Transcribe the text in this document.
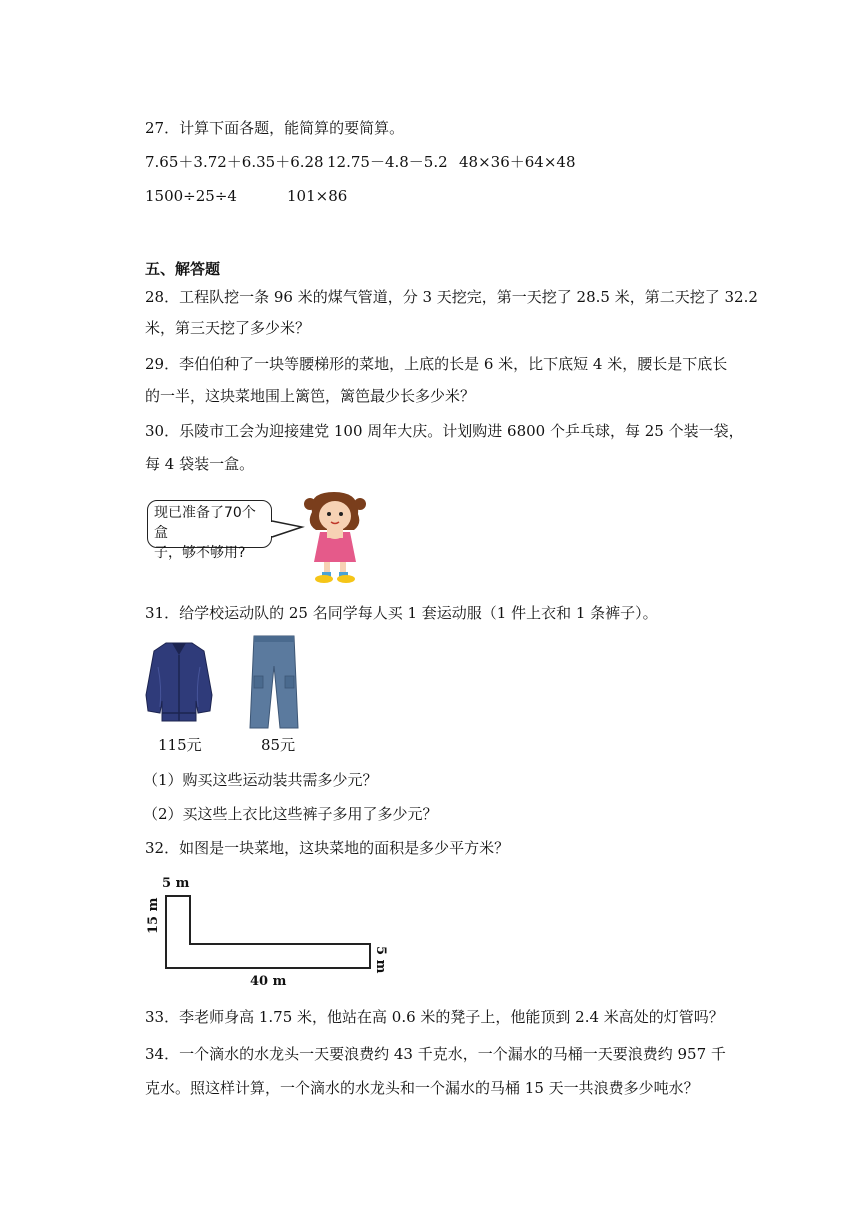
27．计算下面各题，能简算的要简算。
7.65＋3.72＋6.35＋6.28 12.75－4.8－5.2 48×36＋64×48
1500÷25÷4	101×86
五、解答题
28．工程队挖一条 96 米的煤气管道，分 3 天挖完，第一天挖了 28.5 米，第二天挖了 32.2
米，第三天挖了多少米？
29．李伯伯种了一块等腰梯形的菜地，上底的长是 6 米，比下底短 4 米，腰长是下底长
的一半，这块菜地围上篱笆，篱笆最少长多少米？
30．乐陵市工会为迎接建党 100 周年大庆。计划购进 6800 个乒乓球，每 25 个装一袋，
每 4 袋装一盒。
现已准备了70个盒
子，够不够用?
31．给学校运动队的 25 名同学每人买 1 套运动服（1 件上衣和 1 条裤子）。
115元	85元
（1）购买这些运动装共需多少元？
（2）买这些上衣比这些裤子多用了多少元？
32．如图是一块菜地，这块菜地的面积是多少平方米？
5 m
15 m
5 m
40 m
33．李老师身高 1.75 米，他站在高 0.6 米的凳子上，他能顶到 2.4 米高处的灯管吗？
34．一个滴水的水龙头一天要浪费约 43 千克水，一个漏水的马桶一天要浪费约 957 千
克水。照这样计算，一个滴水的水龙头和一个漏水的马桶 15 天一共浪费多少吨水？
